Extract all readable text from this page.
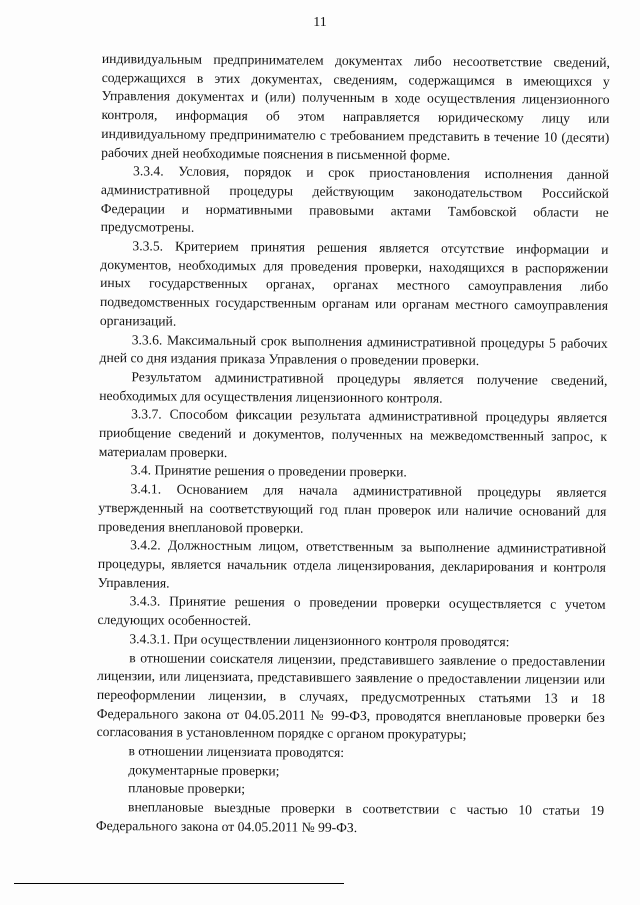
11

индивидуальным предпринимателем документах либо несоответствие сведений, содержащихся в этих документах, сведениям, содержащимся в имеющихся у Управления документах и (или) полученным в ходе осуществления лицензионного контроля, информация об этом направляется юридическому лицу или индивидуальному предпринимателю с требованием представить в течение 10 (десяти) рабочих дней необходимые пояснения в письменной форме.

3.3.4. Условия, порядок и срок приостановления исполнения данной административной процедуры действующим законодательством Российской Федерации и нормативными правовыми актами Тамбовской области не предусмотрены.

3.3.5. Критерием принятия решения является отсутствие информации и документов, необходимых для проведения проверки, находящихся в распоряжении иных государственных органах, органах местного самоуправления либо подведомственных государственным органам или органам местного самоуправления организаций.

3.3.6. Максимальный срок выполнения административной процедуры 5 рабочих дней со дня издания приказа Управления о проведении проверки.

Результатом административной процедуры является получение сведений, необходимых для осуществления лицензионного контроля.

3.3.7. Способом фиксации результата административной процедуры является приобщение сведений и документов, полученных на межведомственный запрос, к материалам проверки.

3.4. Принятие решения о проведении проверки.

3.4.1. Основанием для начала административной процедуры является утвержденный на соответствующий год план проверок или наличие оснований для проведения внеплановой проверки.

3.4.2. Должностным лицом, ответственным за выполнение административной процедуры, является начальник отдела лицензирования, декларирования и контроля Управления.

3.4.3. Принятие решения о проведении проверки осуществляется с учетом следующих особенностей.

3.4.3.1. При осуществлении лицензионного контроля проводятся:

в отношении соискателя лицензии, представившего заявление о предоставлении лицензии, или лицензиата, представившего заявление о предоставлении лицензии или переоформлении лицензии, в случаях, предусмотренных статьями 13 и 18 Федерального закона от 04.05.2011 № 99-ФЗ, проводятся внеплановые проверки без согласования в установленном порядке с органом прокуратуры;

в отношении лицензиата проводятся:

документарные проверки;

плановые проверки;

внеплановые выездные проверки в соответствии с частью 10 статьи 19 Федерального закона от 04.05.2011 № 99-ФЗ.
